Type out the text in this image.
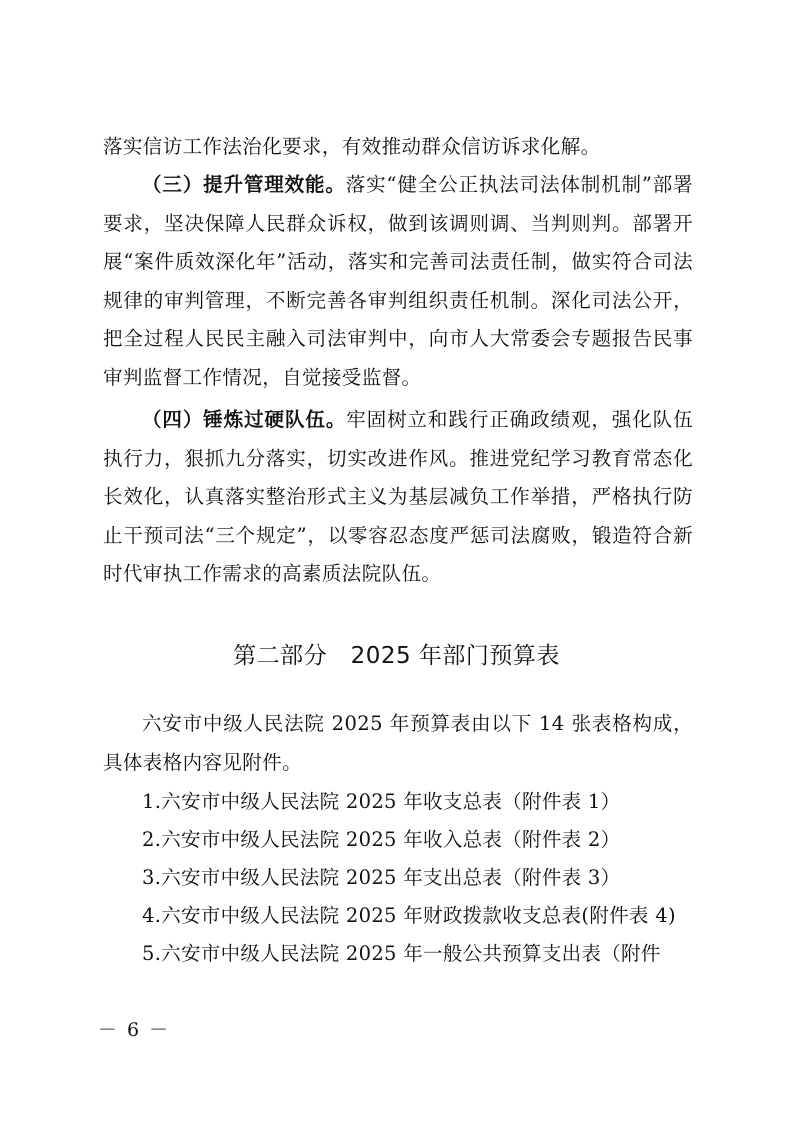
落实信访工作法治化要求，有效推动群众信访诉求化解。

（三）提升管理效能。落实“健全公正执法司法体制机制”部署要求，坚决保障人民群众诉权，做到该调则调、当判则判。部署开展“案件质效深化年”活动，落实和完善司法责任制，做实符合司法规律的审判管理，不断完善各审判组织责任机制。深化司法公开，把全过程人民民主融入司法审判中，向市人大常委会专题报告民事审判监督工作情况，自觉接受监督。

（四）锤炼过硬队伍。牢固树立和践行正确政绩观，强化队伍执行力，狠抓九分落实，切实改进作风。推进党纪学习教育常态化长效化，认真落实整治形式主义为基层减负工作举措，严格执行防止干预司法“三个规定”，以零容忍态度严惩司法腐败，锻造符合新时代审执工作需求的高素质法院队伍。

第二部分　2025 年部门预算表

六安市中级人民法院 2025 年预算表由以下 14 张表格构成，具体表格内容见附件。

1.六安市中级人民法院 2025 年收支总表（附件表 1）

2.六安市中级人民法院 2025 年收入总表（附件表 2）

3.六安市中级人民法院 2025 年支出总表（附件表 3）

4.六安市中级人民法院 2025 年财政拨款收支总表(附件表 4)

5.六安市中级人民法院 2025 年一般公共预算支出表（附件

－ 6 －
